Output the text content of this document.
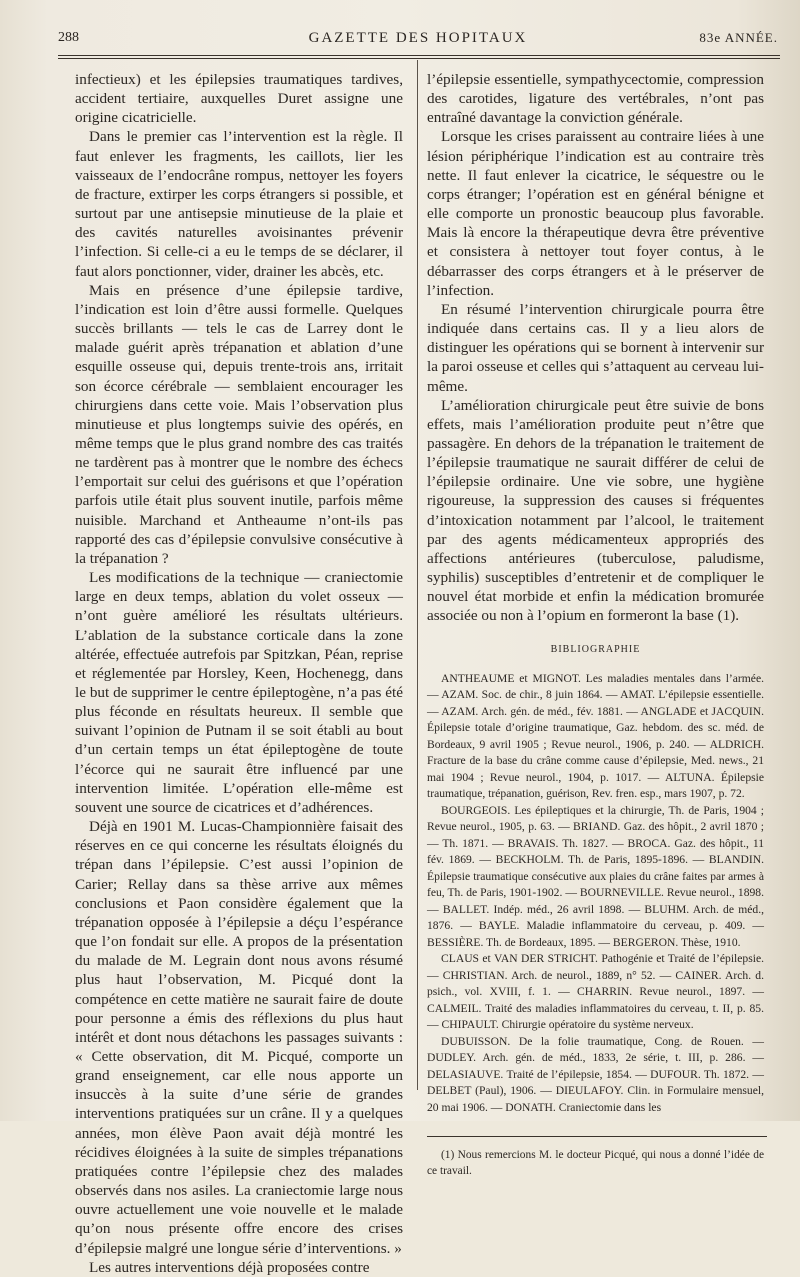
288	GAZETTE DES HOPITAUX	83e ANNÉE.

infectieux) et les épilepsies traumatiques tardives, accident tertiaire, auxquelles Duret assigne une origine cicatricielle.

Dans le premier cas l’intervention est la règle. Il faut enlever les fragments, les caillots, lier les vaisseaux de l’endocrâne rompus, nettoyer les foyers de fracture, extirper les corps étrangers si possible, et surtout par une antisepsie minutieuse de la plaie et des cavités naturelles avoisinantes prévenir l’infection. Si celle-ci a eu le temps de se déclarer, il faut alors ponctionner, vider, drainer les abcès, etc.

Mais en présence d’une épilepsie tardive, l’indication est loin d’être aussi formelle. Quelques succès brillants — tels le cas de Larrey dont le malade guérit après trépanation et ablation d’une esquille osseuse qui, depuis trente-trois ans, irritait son écorce cérébrale — semblaient encourager les chirurgiens dans cette voie. Mais l’observation plus minutieuse et plus longtemps suivie des opérés, en même temps que le plus grand nombre des cas traités ne tardèrent pas à montrer que le nombre des échecs l’emportait sur celui des guérisons et que l’opération parfois utile était plus souvent inutile, parfois même nuisible. Marchand et Antheaume n’ont-ils pas rapporté des cas d’épilepsie convulsive consécutive à la trépanation ?

Les modifications de la technique — craniectomie large en deux temps, ablation du volet osseux — n’ont guère amélioré les résultats ultérieurs. L’ablation de la substance corticale dans la zone altérée, effectuée autrefois par Spitzkan, Péan, reprise et réglementée par Horsley, Keen, Hochenegg, dans le but de supprimer le centre épileptogène, n’a pas été plus féconde en résultats heureux. Il semble que suivant l’opinion de Putnam il se soit établi au bout d’un certain temps un état épileptogène de toute l’écorce qui ne saurait être influencé par une intervention limitée. L’opération elle-même est souvent une source de cicatrices et d’adhérences.

Déjà en 1901 M. Lucas-Championnière faisait des réserves en ce qui concerne les résultats éloignés du trépan dans l’épilepsie. C’est aussi l’opinion de Carier; Rellay dans sa thèse arrive aux mêmes conclusions et Paon considère également que la trépanation opposée à l’épilepsie a déçu l’espérance que l’on fondait sur elle. A propos de la présentation du malade de M. Legrain dont nous avons résumé plus haut l’observation, M. Picqué dont la compétence en cette matière ne saurait faire de doute pour personne a émis des réflexions du plus haut intérêt et dont nous détachons les passages suivants : « Cette observation, dit M. Picqué, comporte un grand enseignement, car elle nous apporte un insuccès à la suite d’une série de grandes interventions pratiquées sur un crâne. Il y a quelques années, mon élève Paon avait déjà montré les récidives éloignées à la suite de simples trépanations pratiquées contre l’épilepsie chez des malades observés dans nos asiles. La craniectomie large nous ouvre actuellement une voie nouvelle et le malade qu’on nous présente offre encore des crises d’épilepsie malgré une longue série d’interventions. »

Les autres interventions déjà proposées contre

l’épilepsie essentielle, sympathycectomie, compression des carotides, ligature des vertébrales, n’ont pas entraîné davantage la conviction générale.

Lorsque les crises paraissent au contraire liées à une lésion périphérique l’indication est au contraire très nette. Il faut enlever la cicatrice, le séquestre ou le corps étranger; l’opération est en général bénigne et elle comporte un pronostic beaucoup plus favorable. Mais là encore la thérapeutique devra être préventive et consistera à nettoyer tout foyer contus, à le débarrasser des corps étrangers et à le préserver de l’infection.

En résumé l’intervention chirurgicale pourra être indiquée dans certains cas. Il y a lieu alors de distinguer les opérations qui se bornent à intervenir sur la paroi osseuse et celles qui s’attaquent au cerveau lui-même.

L’amélioration chirurgicale peut être suivie de bons effets, mais l’amélioration produite peut n’être que passagère. En dehors de la trépanation le traitement de l’épilepsie traumatique ne saurait différer de celui de l’épilepsie ordinaire. Une vie sobre, une hygiène rigoureuse, la suppression des causes si fréquentes d’intoxication notamment par l’alcool, le traitement par des agents médicamenteux appropriés des affections antérieures (tuberculose, paludisme, syphilis) susceptibles d’entretenir et de compliquer le nouvel état morbide et enfin la médication bromurée associée ou non à l’opium en formeront la base (1).

BIBLIOGRAPHIE

ANTHEAUME et MIGNOT. Les maladies mentales dans l’armée. — AZAM. Soc. de chir., 8 juin 1864. — AMAT. L’épilepsie essentielle. — AZAM. Arch. gén. de méd., fév. 1881. — ANGLADE et JACQUIN. Épilepsie totale d’origine traumatique, Gaz. hebdom. des sc. méd. de Bordeaux, 9 avril 1905 ; Revue neurol., 1906, p. 240. — ALDRICH. Fracture de la base du crâne comme cause d’épilepsie, Med. news., 21 mai 1904 ; Revue neurol., 1904, p. 1017. — ALTUNA. Épilepsie traumatique, trépanation, guérison, Rev. fren. esp., mars 1907, p. 72.

BOURGEOIS. Les épileptiques et la chirurgie, Th. de Paris, 1904 ; Revue neurol., 1905, p. 63. — BRIAND. Gaz. des hôpit., 2 avril 1870 ; — Th. 1871. — BRAVAIS. Th. 1827. — BROCA. Gaz. des hôpit., 11 fév. 1869. — BECKHOLM. Th. de Paris, 1895-1896. — BLANDIN. Épilepsie traumatique consécutive aux plaies du crâne faites par armes à feu, Th. de Paris, 1901-1902. — BOURNEVILLE. Revue neurol., 1898. — BALLET. Indép. méd., 26 avril 1898. — BLUHM. Arch. de méd., 1876. — BAYLE. Maladie inflammatoire du cerveau, p. 409. — BESSIÈRE. Th. de Bordeaux, 1895. — BERGERON. Thèse, 1910.

CLAUS et VAN DER STRICHT. Pathogénie et Traité de l’épilepsie. — CHRISTIAN. Arch. de neurol., 1889, n° 52. — CAINER. Arch. d. psich., vol. XVIII, f. 1. — CHARRIN. Revue neurol., 1897. — CALMEIL. Traité des maladies inflammatoires du cerveau, t. II, p. 85. — CHIPAULT. Chirurgie opératoire du système nerveux.

DUBUISSON. De la folie traumatique, Cong. de Rouen. — DUDLEY. Arch. gén. de méd., 1833, 2e série, t. III, p. 286. — DELASIAUVE. Traité de l’épilepsie, 1854. — DUFOUR. Th. 1872. — DELBET (Paul), 1906. — DIEULAFOY. Clin. in Formulaire mensuel, 20 mai 1906. — DONATH. Craniectomie dans les

(1) Nous remercions M. le docteur Picqué, qui nous a donné l’idée de ce travail.
